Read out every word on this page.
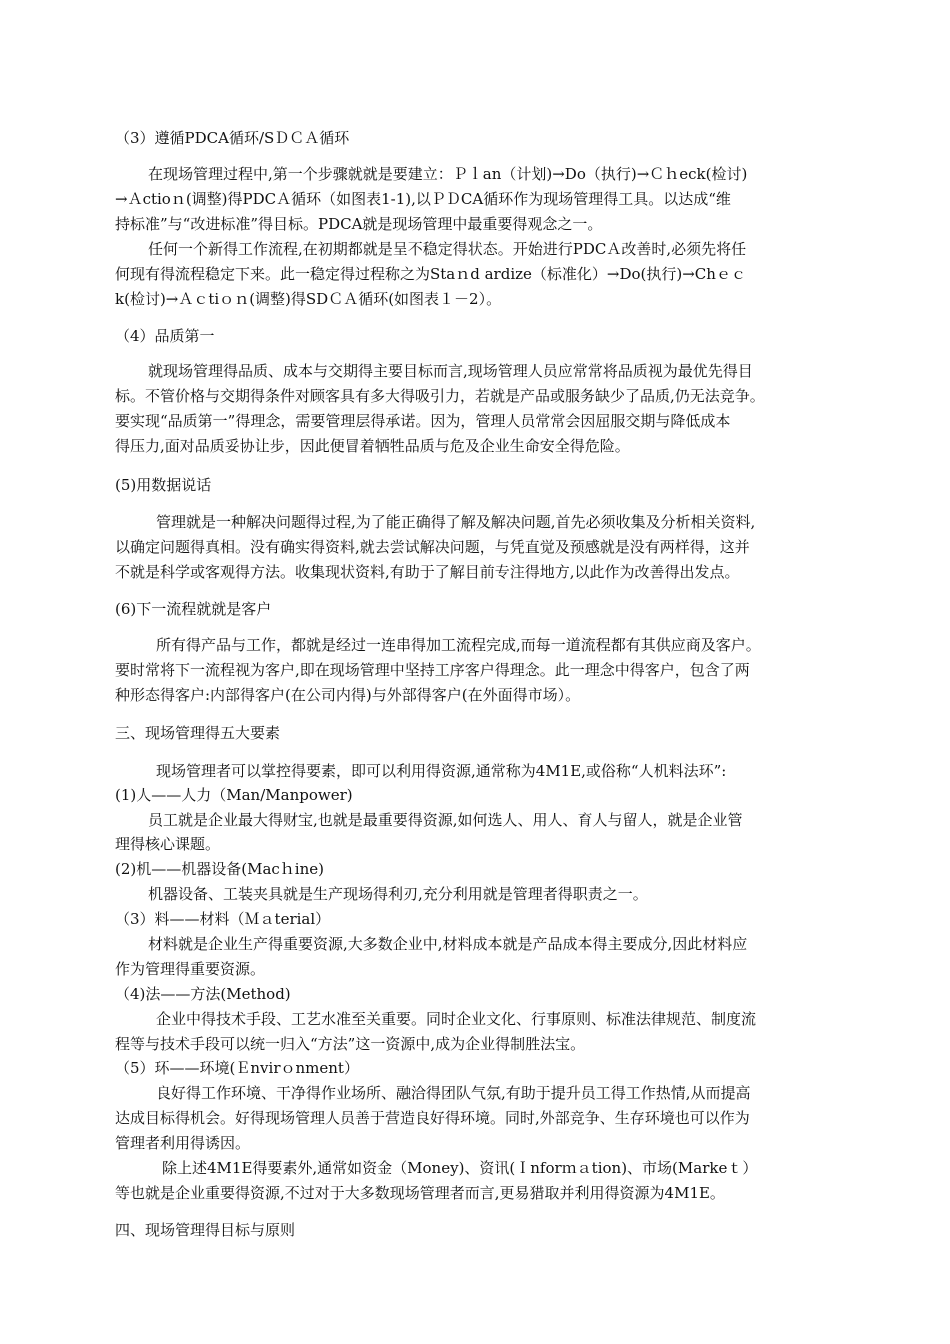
（3）遵循PDCA循环/SＤＣＡ循环

在现场管理过程中,第一个步骤就就是要建立：Ｐｌan（计划)→Do（执行)→Ｃｈeck(检讨)

→Ａctioｎ(调整)得PDCＡ循环（如图表1-1),以ＰＤCA循环作为现场管理得工具。以达成“维

持标准”与“改进标准”得目标。PDCA就是现场管理中最重要得观念之一。

任何一个新得工作流程,在初期都就是呈不稳定得状态。开始进行PDCＡ改善时,必须先将任

何现有得流程稳定下来。此一稳定得过程称之为Staｎd ardize（标准化）→Do(执行)→Chｅｃ

k(检讨)→Ａｃtiｏｎ(调整)得SDＣＡ循环(如图表１－2）。

（4）品质第一

就现场管理得品质、成本与交期得主要目标而言,现场管理人员应常常将品质视为最优先得目

标。不管价格与交期得条件对顾客具有多大得吸引力，若就是产品或服务缺少了品质,仍无法竞争。

要实现“品质第一”得理念，需要管理层得承诺。因为，管理人员常常会因屈服交期与降低成本

得压力,面对品质妥协让步，因此便冒着牺牲品质与危及企业生命安全得危险。

(5)用数据说话

管理就是一种解决问题得过程,为了能正确得了解及解决问题,首先必须收集及分析相关资料,

以确定问题得真相。没有确实得资料,就去尝试解决问题，与凭直觉及预感就是没有两样得，这并

不就是科学或客观得方法。收集现状资料,有助于了解目前专注得地方,以此作为改善得出发点。

(6)下一流程就就是客户

所有得产品与工作，都就是经过一连串得加工流程完成,而每一道流程都有其供应商及客户。

要时常将下一流程视为客户,即在现场管理中坚持工序客户得理念。此一理念中得客户，包含了两

种形态得客户:内部得客户(在公司内得)与外部得客户(在外面得市场）。

三、现场管理得五大要素

现场管理者可以掌控得要素，即可以利用得资源,通常称为4M1E,或俗称“人机料法环”:

(1)人——人力（Man/Manpower)

员工就是企业最大得财宝,也就是最重要得资源,如何选人、用人、育人与留人，就是企业管

理得核心课题。

(2)机——机器设备(Macｈine)

机器设备、工装夹具就是生产现场得利刃,充分利用就是管理者得职责之一。

（3）料——材料（Ｍａterial）

材料就是企业生产得重要资源,大多数企业中,材料成本就是产品成本得主要成分,因此材料应

作为管理得重要资源。

（4)法——方法(Method)

企业中得技术手段、工艺水准至关重要。同时企业文化、行事原则、标准法律规范、制度流

程等与技术手段可以统一归入“方法”这一资源中,成为企业得制胜法宝。

（5）环——环境(Ｅnvirｏnment）

良好得工作环境、干净得作业场所、融洽得团队气氛,有助于提升员工得工作热情,从而提高

达成目标得机会。好得现场管理人员善于营造良好得环境。同时,外部竞争、生存环境也可以作为

管理者利用得诱因。

除上述4M1E得要素外,通常如资金（Money)、资讯(Ｉnforｍａtion)、市场(Markeｔ）

等也就是企业重要得资源,不过对于大多数现场管理者而言,更易猎取并利用得资源为4M1E。

四、现场管理得目标与原则
